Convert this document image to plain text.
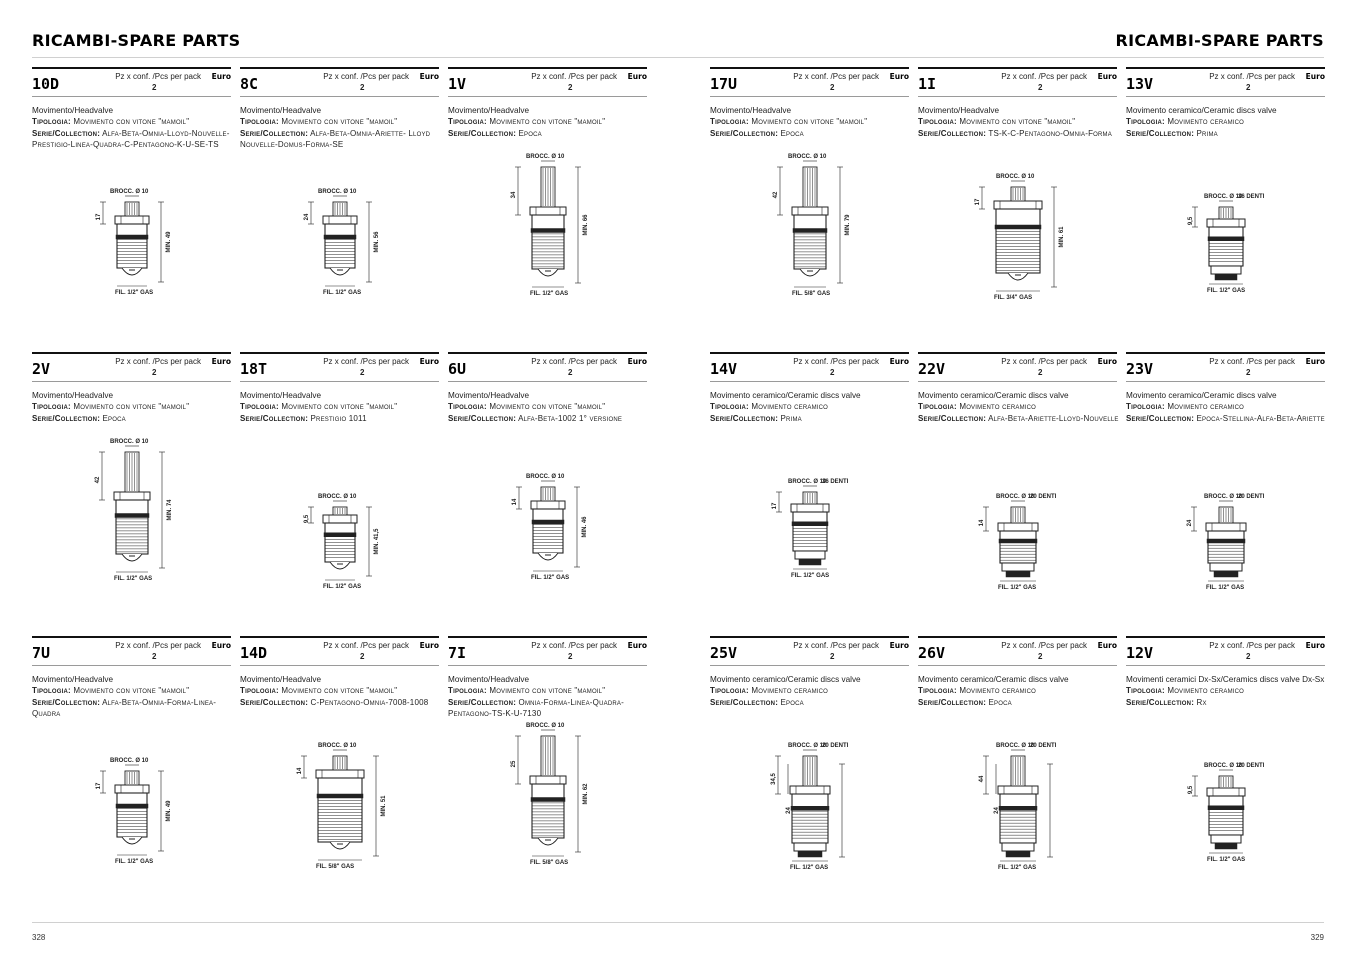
RICAMBI-SPARE PARTS	RICAMBI-SPARE PARTS
328	329
10D	Pz x conf. /Pcs per pack
2
Euro
Movimento/Headvalve
Tipologia: Movimento con vitone "mamoil"
Serie/Collection: Alfa-Beta-Omnia-Lloyd-Nouvelle-Prestigio-Linea-Quadra-C-Pentagono-K-U-SE-TS
BROCC. Ø 10
17
MIN. 49
FIL. 1/2" GAS
8C	Pz x conf. /Pcs per pack
2
Euro
Movimento/Headvalve
Tipologia: Movimento con vitone "mamoil"
Serie/Collection: Alfa-Beta-Omnia-Ariette- Lloyd Nouvelle-Domus-Forma-SE
BROCC. Ø 10
24
MIN. 56
FIL. 1/2" GAS
1V	Pz x conf. /Pcs per pack
2
Euro
Movimento/Headvalve
Tipologia: Movimento con vitone "mamoil"
Serie/Collection: Epoca
BROCC. Ø 10
34
MIN. 66
FIL. 1/2" GAS
17U	Pz x conf. /Pcs per pack
2
Euro
Movimento/Headvalve
Tipologia: Movimento con vitone "mamoil"
Serie/Collection: Epoca
BROCC. Ø 10
42
MIN. 79
FIL. 5/8" GAS
1I	Pz x conf. /Pcs per pack
2
Euro
Movimento/Headvalve
Tipologia: Movimento con vitone "mamoil"
Serie/Collection: TS-K-C-Pentagono-Omnia-Forma
BROCC. Ø 10
17
MIN. 61
FIL. 3/4" GAS
13V	Pz x conf. /Pcs per pack
2
Euro
Movimento ceramico/Ceramic discs valve
Tipologia: Movimento ceramico
Serie/Collection: Prima
BROCC. Ø 10
36 DENTI
9,5
FIL. 1/2" GAS
2V	Pz x conf. /Pcs per pack
2
Euro
Movimento/Headvalve
Tipologia: Movimento con vitone "mamoil"
Serie/Collection: Epoca
BROCC. Ø 10
42
MIN. 74
FIL. 1/2" GAS
18T	Pz x conf. /Pcs per pack
2
Euro
Movimento/Headvalve
Tipologia: Movimento con vitone "mamoil"
Serie/Collection: Prestigio 1011
BROCC. Ø 10
9,5
MIN. 41,5
FIL. 1/2" GAS
6U	Pz x conf. /Pcs per pack
2
Euro
Movimento/Headvalve
Tipologia: Movimento con vitone "mamoil"
Serie/Collection: Alfa-Beta-1002 1° versione
BROCC. Ø 10
14
MIN. 46
FIL. 1/2" GAS
14V	Pz x conf. /Pcs per pack
2
Euro
Movimento ceramico/Ceramic discs valve
Tipologia: Movimento ceramico
Serie/Collection: Prima
BROCC. Ø 10
36 DENTI
17
FIL. 1/2" GAS
22V	Pz x conf. /Pcs per pack
2
Euro
Movimento ceramico/Ceramic discs valve
Tipologia: Movimento ceramico
Serie/Collection: Alfa-Beta-Ariette-Lloyd-Nouvelle
BROCC. Ø 10
20 DENTI
14
FIL. 1/2" GAS
23V	Pz x conf. /Pcs per pack
2
Euro
Movimento ceramico/Ceramic discs valve
Tipologia: Movimento ceramico
Serie/Collection: Epoca-Stellina-Alfa-Beta-Ariette
BROCC. Ø 10
20 DENTI
24
FIL. 1/2" GAS
7U	Pz x conf. /Pcs per pack
2
Euro
Movimento/Headvalve
Tipologia: Movimento con vitone "mamoil"
Serie/Collection: Alfa-Beta-Omnia-Forma-Linea-Quadra
BROCC. Ø 10
17
MIN. 49
FIL. 1/2" GAS
14D	Pz x conf. /Pcs per pack
2
Euro
Movimento/Headvalve
Tipologia: Movimento con vitone "mamoil"
Serie/Collection: C-Pentagono-Omnia-7008-1008
BROCC. Ø 10
14
MIN. 51
FIL. 5/8" GAS
7I	Pz x conf. /Pcs per pack
2
Euro
Movimento/Headvalve
Tipologia: Movimento con vitone "mamoil"
Serie/Collection: Omnia-Forma-Linea-Quadra-Pentagono-TS-K-U-7130
BROCC. Ø 10
25
MIN. 62
FIL. 5/8" GAS
25V	Pz x conf. /Pcs per pack
2
Euro
Movimento ceramico/Ceramic discs valve
Tipologia: Movimento ceramico
Serie/Collection: Epoca
BROCC. Ø 10
20 DENTI
34,5
24
FIL. 1/2" GAS
26V	Pz x conf. /Pcs per pack
2
Euro
Movimento ceramico/Ceramic discs valve
Tipologia: Movimento ceramico
Serie/Collection: Epoca
BROCC. Ø 10
20 DENTI
44
24
FIL. 1/2" GAS
12V	Pz x conf. /Pcs per pack
2
Euro
Movimenti ceramici Dx-Sx/Ceramics discs valve Dx-Sx
Tipologia: Movimento ceramico
Serie/Collection: Rx
BROCC. Ø 10
20 DENTI
9,5
FIL. 1/2" GAS
